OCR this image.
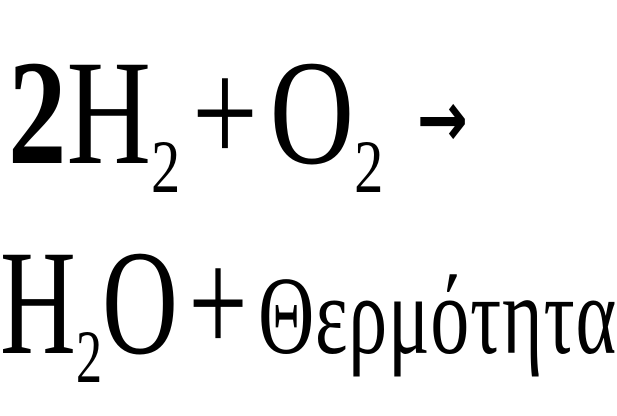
2H2+O2→
H2O+Θερμότητα
